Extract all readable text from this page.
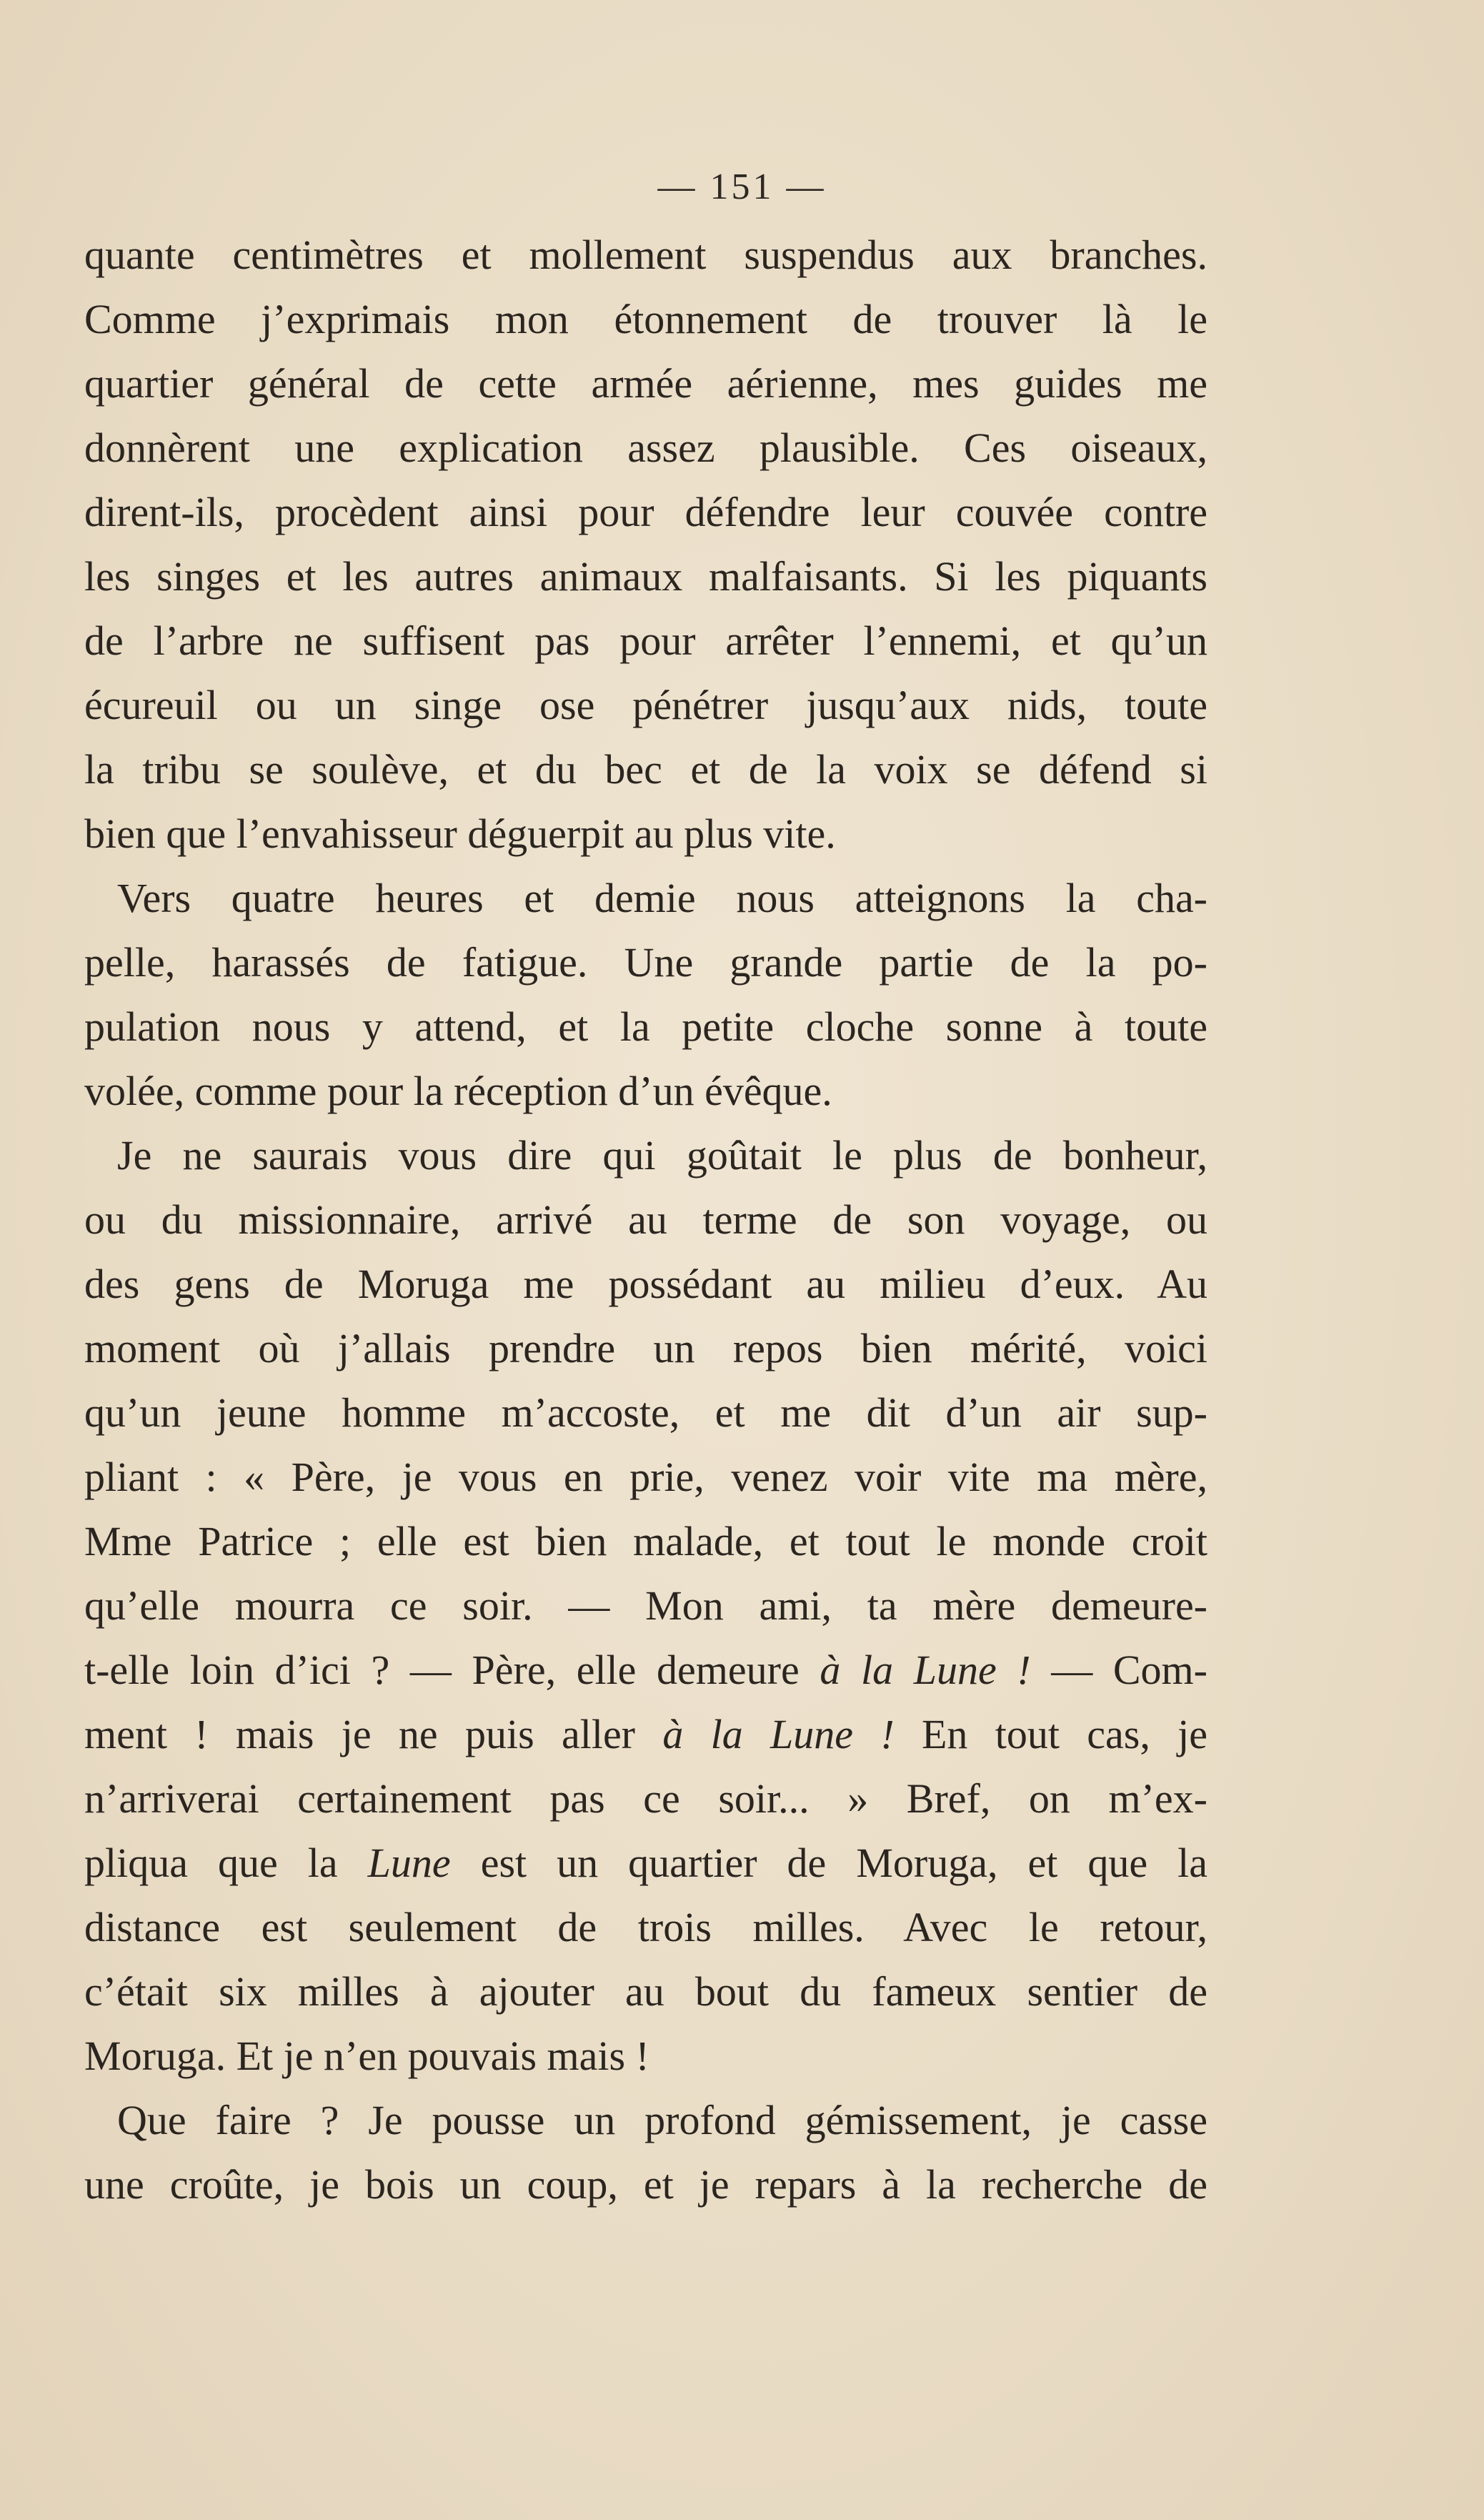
— 151 —
quante centimètres et mollement suspendus aux branches.
Comme j’exprimais mon étonnement de trouver là le
quartier général de cette armée aérienne, mes guides me
donnèrent une explication assez plausible. Ces oiseaux,
dirent-ils, procèdent ainsi pour défendre leur couvée contre
les singes et les autres animaux malfaisants. Si les piquants
de l’arbre ne suffisent pas pour arrêter l’ennemi, et qu’un
écureuil ou un singe ose pénétrer jusqu’aux nids, toute
la tribu se soulève, et du bec et de la voix se défend si
bien que l’envahisseur déguerpit au plus vite.
Vers quatre heures et demie nous atteignons la cha-
pelle, harassés de fatigue. Une grande partie de la po-
pulation nous y attend, et la petite cloche sonne à toute
volée, comme pour la réception d’un évêque.
Je ne saurais vous dire qui goûtait le plus de bonheur,
ou du missionnaire, arrivé au terme de son voyage, ou
des gens de Moruga me possédant au milieu d’eux. Au
moment où j’allais prendre un repos bien mérité, voici
qu’un jeune homme m’accoste, et me dit d’un air sup-
pliant : « Père, je vous en prie, venez voir vite ma mère,
Mme Patrice ; elle est bien malade, et tout le monde croit
qu’elle mourra ce soir. — Mon ami, ta mère demeure-
t-elle loin d’ici ? — Père, elle demeure à la Lune ! — Com-
ment ! mais je ne puis aller à la Lune ! En tout cas, je
n’arriverai certainement pas ce soir... » Bref, on m’ex-
pliqua que la Lune est un quartier de Moruga, et que la
distance est seulement de trois milles. Avec le retour,
c’était six milles à ajouter au bout du fameux sentier de
Moruga. Et je n’en pouvais mais !
Que faire ? Je pousse un profond gémissement, je casse
une croûte, je bois un coup, et je repars à la recherche de
